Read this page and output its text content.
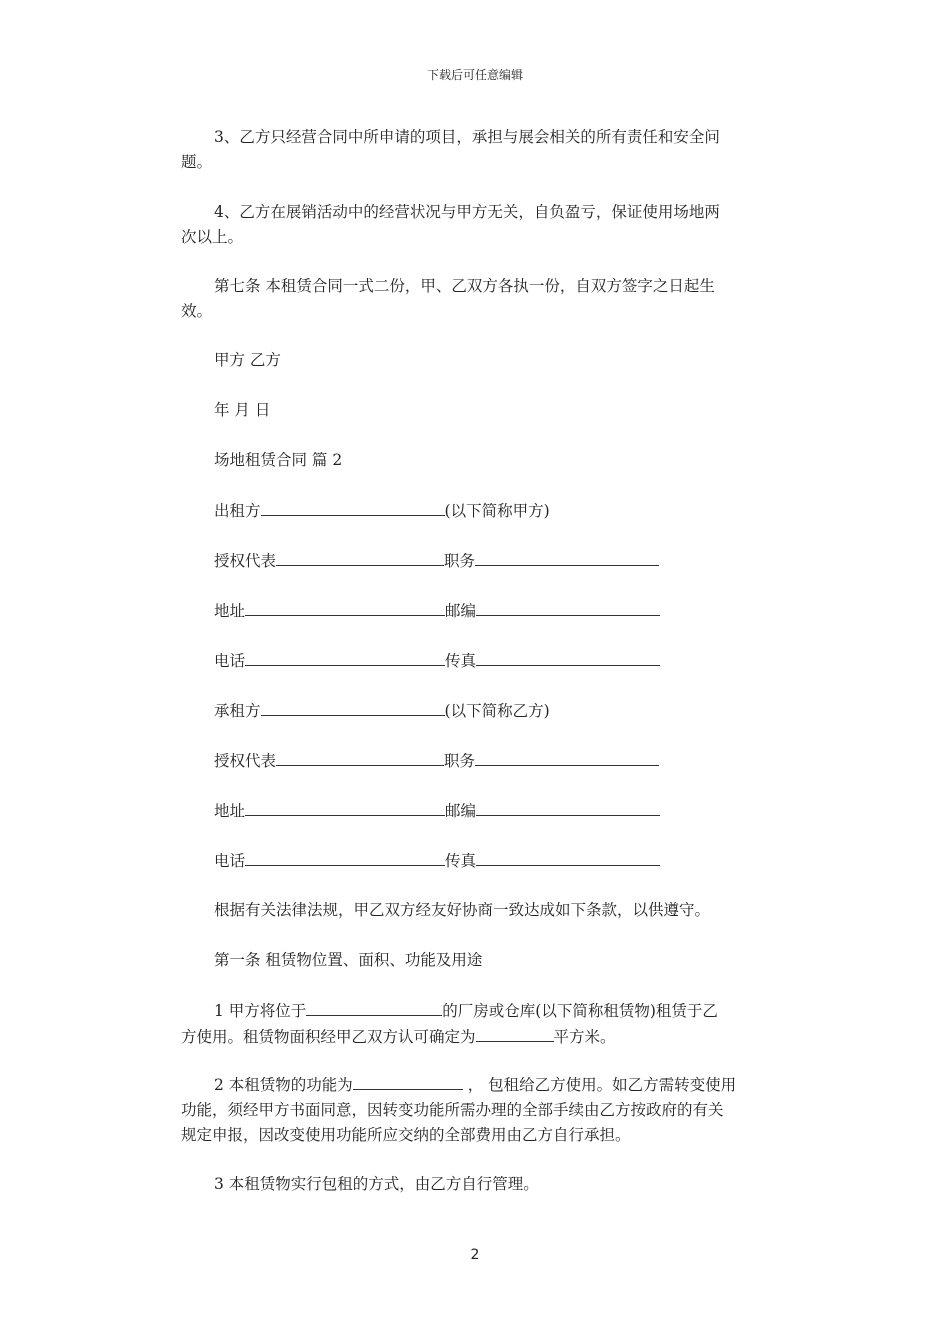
下载后可任意编辑
3、乙方只经营合同中所申请的项目，承担与展会相关的所有责任和安全问
题。
4、乙方在展销活动中的经营状况与甲方无关，自负盈亏，保证使用场地两
次以上。
第七条 本租赁合同一式二份，甲、乙双方各执一份，自双方签字之日起生
效。
甲方 乙方
年 月 日
场地租赁合同 篇 2
出租方	(以下简称甲方)
授权代表	职务
地址	邮编
电话	传真
承租方	(以下简称乙方)
授权代表	职务
地址	邮编
电话	传真
根据有关法律法规，甲乙双方经友好协商一致达成如下条款，以供遵守。
第一条 租赁物位置、面积、功能及用途
1 甲方将位于	的厂房或仓库(以下简称租赁物)租赁于乙
方使用。租赁物面积经甲乙双方认可确定为	平方米。
2 本租赁物的功能为	， 包租给乙方使用。如乙方需转变使用
功能，须经甲方书面同意，因转变功能所需办理的全部手续由乙方按政府的有关
规定申报，因改变使用功能所应交纳的全部费用由乙方自行承担。
3 本租赁物实行包租的方式，由乙方自行管理。
2
